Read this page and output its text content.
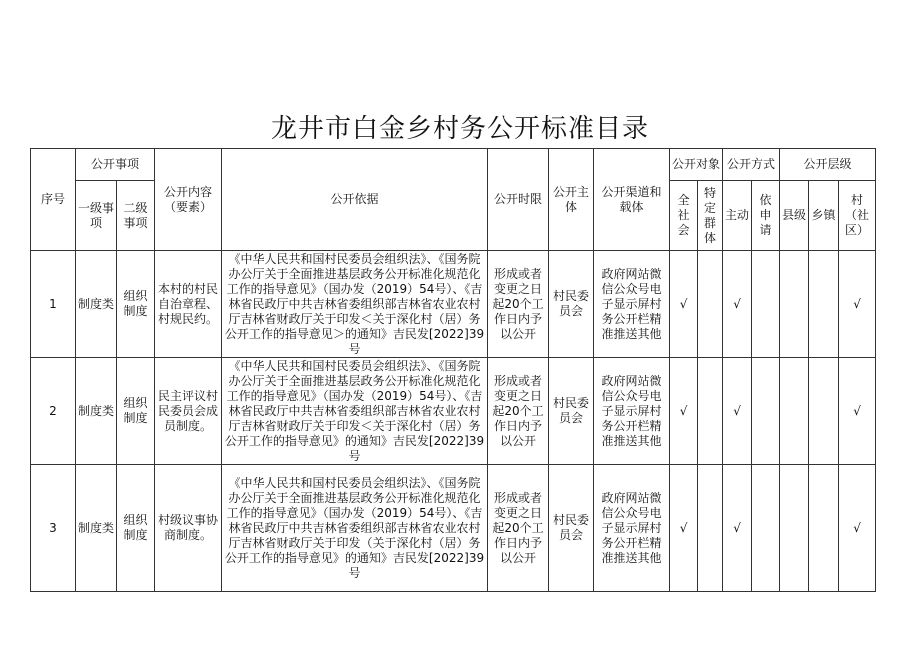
龙井市白金乡村务公开标准目录
序号	公开事项		公开内容（要素）	公开依据	公开时限	公开主体	公开渠道和载体	公开对象		公开方式		公开层级		
	一级事项	二级事项						全社会	特定群体	主动	依申请	县级	乡镇	村（社区）
1	制度类	组织制度	本村的村民自治章程、村规民约。	《中华人民共和国村民委员会组织法》、《国务院办公厅关于全面推进基层政务公开标准化规范化工作的指导意见》（国办发（2019）54号）、《吉林省民政厅中共吉林省委组织部吉林省农业农村厅吉林省财政厅关于印发＜关于深化村（居）务公开工作的指导意见＞的通知》吉民发[2022]39号	形成或者变更之日起20个工作日内予以公开	村民委员会	政府网站微信公众号电子显示屏村务公开栏精准推送其他	√		√				√
2	制度类	组织制度	民主评议村民委员会成员制度。	《中华人民共和国村民委员会组织法》、《国务院办公厅关于全面推进基层政务公开标准化规范化工作的指导意见》（国办发（2019）54号）、《吉林省民政厅中共吉林省委组织部吉林省农业农村厅吉林省财政厅关于印发＜关于深化村（居）务公开工作的指导意见》的通知》吉民发[2022]39号	形成或者变更之日起20个工作日内予以公开	村民委员会	政府网站微信公众号电子显示屏村务公开栏精准推送其他	√		√				√
3	制度类	组织制度	村级议事协商制度。	《中华人民共和国村民委员会组织法》、《国务院办公厅关于全面推进基层政务公开标准化规范化工作的指导意见》（国办发（2019）54号）、《吉林省民政厅中共吉林省委组织部吉林省农业农村厅吉林省财政厅关于印发（关于深化村（居）务公开工作的指导意见》的通知》吉民发[2022]39号	形成或者变更之日起20个工作日内予以公开	村民委员会	政府网站微信公众号电子显示屏村务公开栏精准推送其他	√		√				√
